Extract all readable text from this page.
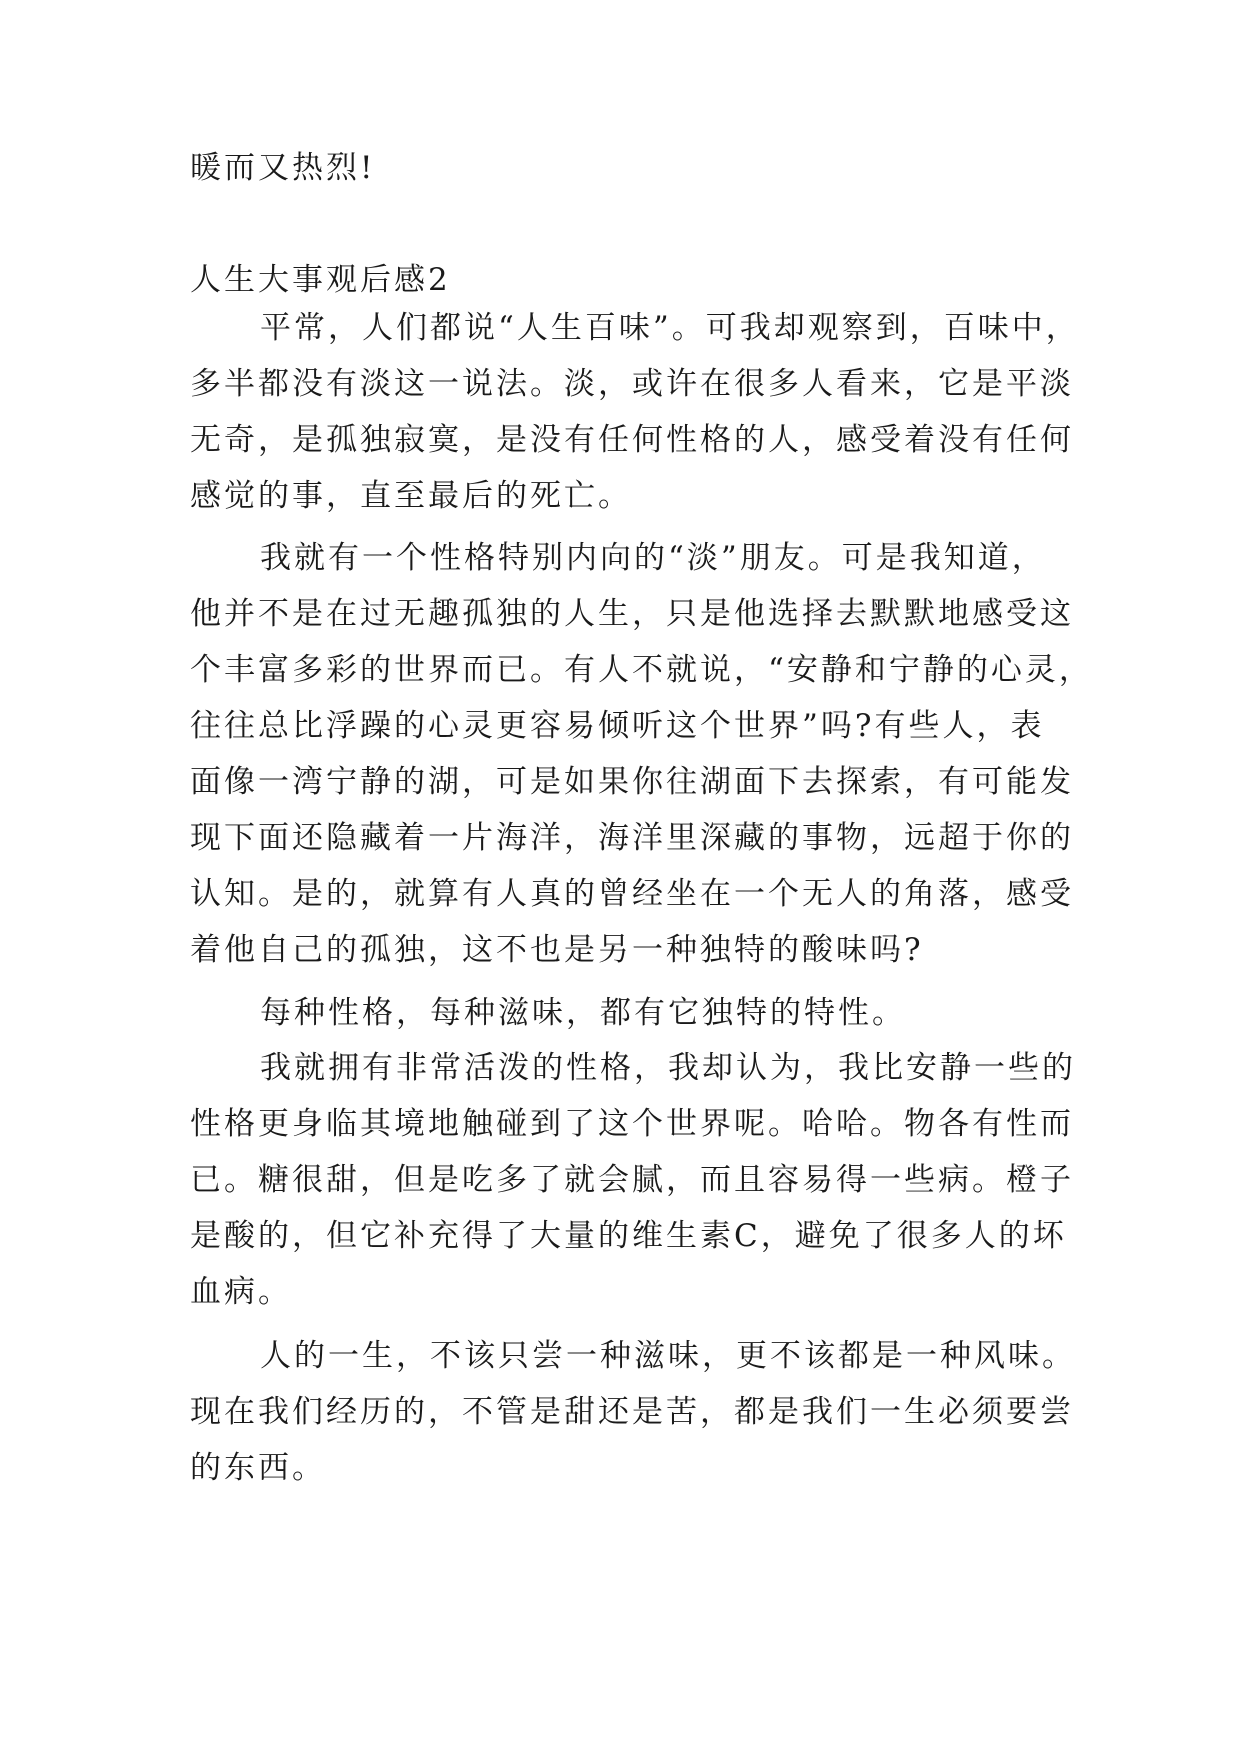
暖而又热烈!
人生大事观后感2
平常，人们都说“人生百味”。可我却观察到，百味中，
多半都没有淡这一说法。淡，或许在很多人看来，它是平淡
无奇，是孤独寂寞，是没有任何性格的人，感受着没有任何
感觉的事，直至最后的死亡。
我就有一个性格特别内向的“淡”朋友。可是我知道，
他并不是在过无趣孤独的人生，只是他选择去默默地感受这
个丰富多彩的世界而已。有人不就说，“安静和宁静的心灵，
往往总比浮躁的心灵更容易倾听这个世界”吗?有些人，表
面像一湾宁静的湖，可是如果你往湖面下去探索，有可能发
现下面还隐藏着一片海洋，海洋里深藏的事物，远超于你的
认知。是的，就算有人真的曾经坐在一个无人的角落，感受
着他自己的孤独，这不也是另一种独特的酸味吗?
每种性格，每种滋味，都有它独特的特性。
我就拥有非常活泼的性格，我却认为，我比安静一些的
性格更身临其境地触碰到了这个世界呢。哈哈。物各有性而
已。糖很甜，但是吃多了就会腻，而且容易得一些病。橙子
是酸的，但它补充得了大量的维生素C，避免了很多人的坏
血病。
人的一生，不该只尝一种滋味，更不该都是一种风味。
现在我们经历的，不管是甜还是苦，都是我们一生必须要尝
的东西。
